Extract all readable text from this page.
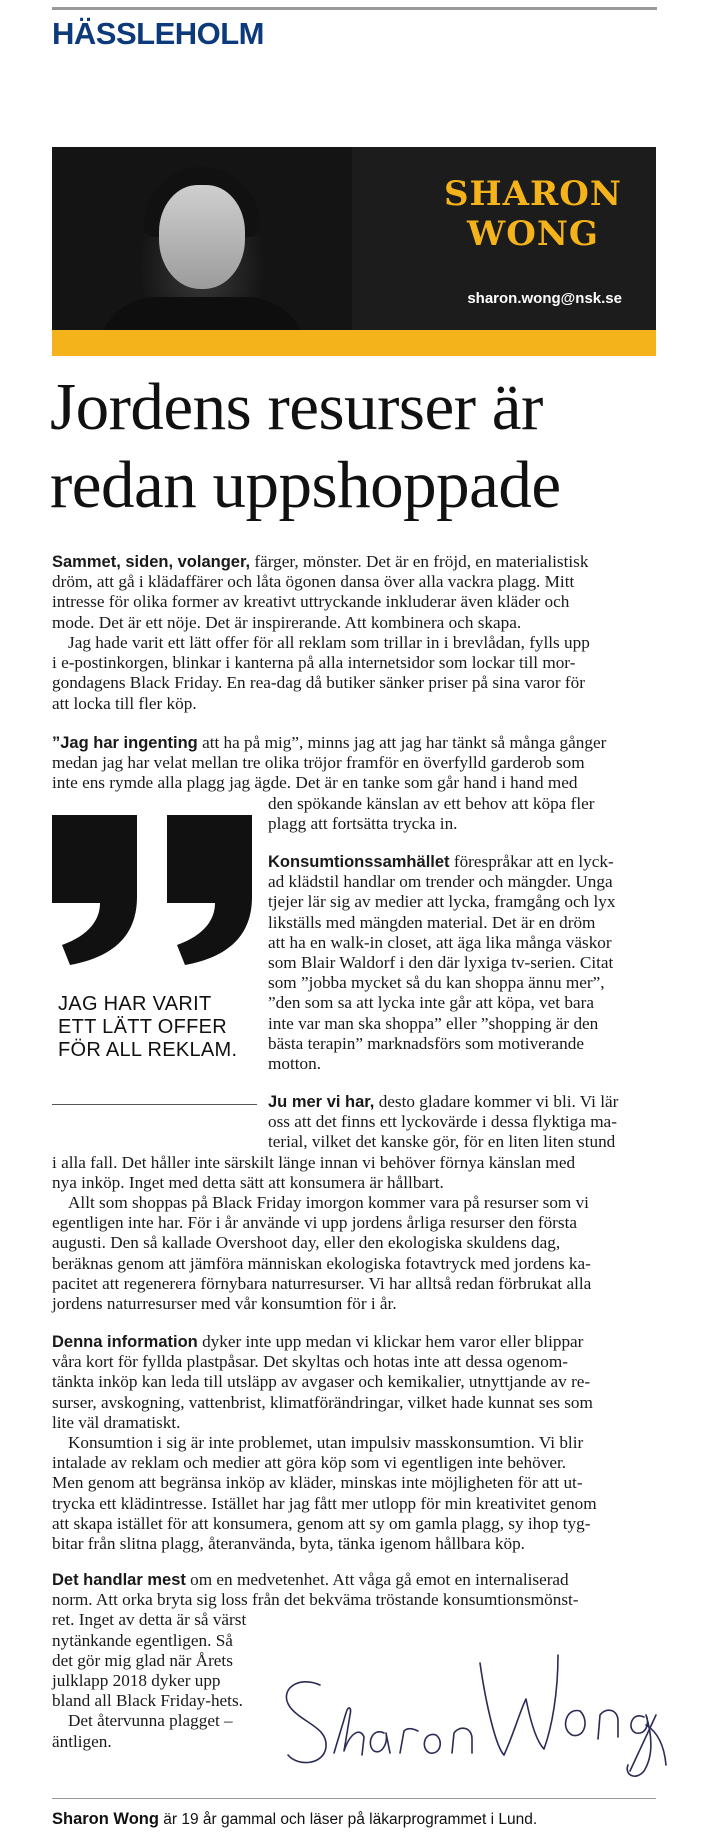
HÄSSLEHOLM
SHARON
WONG
sharon.wong@nsk.se
Jordens resurser är
redan uppshoppade
Sammet, siden, volanger, färger, mönster. Det är en fröjd, en materialistisk
dröm, att gå i klädaffärer och låta ögonen dansa över alla vackra plagg. Mitt
intresse för olika former av kreativt uttryckande inkluderar även kläder och
mode. Det är ett nöje. Det är inspirerande. Att kombinera och skapa.
Jag hade varit ett lätt offer för all reklam som trillar in i brevlådan, fylls upp
i e-postinkorgen, blinkar i kanterna på alla internetsidor som lockar till mor-
gondagens Black Friday. En rea-dag då butiker sänker priser på sina varor för
att locka till fler köp.
”Jag har ingenting att ha på mig”, minns jag att jag har tänkt så många gånger
medan jag har velat mellan tre olika tröjor framför en överfylld garderob som
inte ens rymde alla plagg jag ägde. Det är en tanke som går hand i hand med
den spökande känslan av ett behov att köpa fler
plagg att fortsätta trycka in.
Konsumtionssamhället förespråkar att en lyck-
ad klädstil handlar om trender och mängder. Unga
tjejer lär sig av medier att lycka, framgång och lyx
likställs med mängden material. Det är en dröm
att ha en walk-in closet, att äga lika många väskor
som Blair Waldorf i den där lyxiga tv-serien. Citat
som ”jobba mycket så du kan shoppa ännu mer”,
”den som sa att lycka inte går att köpa, vet bara
inte var man ska shoppa” eller ”shopping är den
bästa terapin” marknadsförs som motiverande
motton.
Ju mer vi har, desto gladare kommer vi bli. Vi lär
oss att det finns ett lyckovärde i dessa flyktiga ma-
terial, vilket det kanske gör, för en liten liten stund
i alla fall. Det håller inte särskilt länge innan vi behöver förnya känslan med
nya inköp. Inget med detta sätt att konsumera är hållbart.
Allt som shoppas på Black Friday imorgon kommer vara på resurser som vi
egentligen inte har. För i år använde vi upp jordens årliga resurser den första
augusti. Den så kallade Overshoot day, eller den ekologiska skuldens dag,
beräknas genom att jämföra människan ekologiska fotavtryck med jordens ka-
pacitet att regenerera förnybara naturresurser. Vi har alltså redan förbrukat alla
jordens naturresurser med vår konsumtion för i år.
Denna information dyker inte upp medan vi klickar hem varor eller blippar
våra kort för fyllda plastpåsar. Det skyltas och hotas inte att dessa ogenom-
tänkta inköp kan leda till utsläpp av avgaser och kemikalier, utnyttjande av re-
surser, avskogning, vattenbrist, klimatförändringar, vilket hade kunnat ses som
lite väl dramatiskt.
Konsumtion i sig är inte problemet, utan impulsiv masskonsumtion. Vi blir
intalade av reklam och medier att göra köp som vi egentligen inte behöver.
Men genom att begränsa inköp av kläder, minskas inte möjligheten för att ut-
trycka ett klädintresse. Istället har jag fått mer utlopp för min kreativitet genom
att skapa istället för att konsumera, genom att sy om gamla plagg, sy ihop tyg-
bitar från slitna plagg, återanvända, byta, tänka igenom hållbara köp.
Det handlar mest om en medvetenhet. Att våga gå emot en internaliserad
norm. Att orka bryta sig loss från det bekväma tröstande konsumtionsmönst-
ret. Inget av detta är så värst
nytänkande egentligen. Så
det gör mig glad när Årets
julklapp 2018 dyker upp
bland all Black Friday-hets.
Det återvunna plagget –
äntligen.
JAG HAR VARIT
ETT LÄTT OFFER
FÖR ALL REKLAM.
Sharon Wong är 19 år gammal och läser på läkarprogrammet i Lund.
